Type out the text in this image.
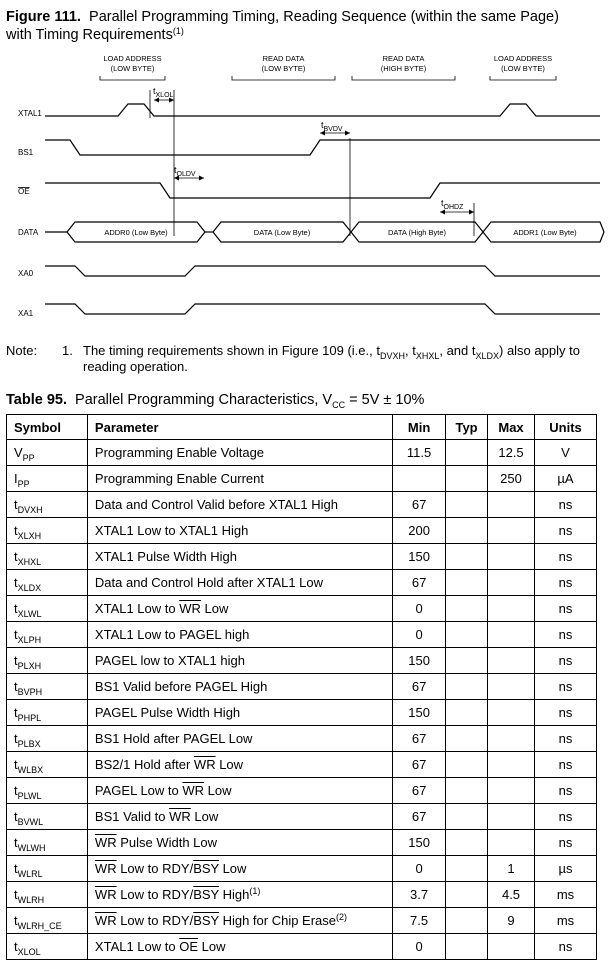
Figure 111. Parallel Programming Timing, Reading Sequence (within the same Page)
with Timing Requirements$^{(1)}$
LOAD ADDRESS
(LOW BYTE)
READ DATA
(LOW BYTE)
READ DATA
(HIGH BYTE)
LOAD ADDRESS
(LOW BYTE)
XTAL1
BS1
OE
DATA
XA0
XA1
ADDR0 (Low Byte)	DATA (Low Byte)	DATA (High Byte)	ADDR1 (Low Byte)
$t_{XLOL}$
$t_{BVDV}$
$t_{OLDV}$
$t_{OHDZ}$
Note: 1. The timing requirements shown in Figure 109 (i.e., $t_{DVXH}$, $t_{XHXL}$, and $t_{XLDX}$) also apply to reading operation.
Table 95. Parallel Programming Characteristics, $V_{CC} = 5V \pm 10\%$
Symbol	Parameter	Min	Typ	Max	Units
$V_{PP}$	Programming Enable Voltage	11.5		12.5	V
$I_{PP}$	Programming Enable Current			250	µA
$t_{DVXH}$	Data and Control Valid before XTAL1 High	67			ns
$t_{XLXH}$	XTAL1 Low to XTAL1 High	200			ns
$t_{XHXL}$	XTAL1 Pulse Width High	150			ns
$t_{XLDX}$	Data and Control Hold after XTAL1 Low	67			ns
$t_{XLWL}$	XTAL1 Low to $\overline{WR}$ Low	0			ns
$t_{XLPH}$	XTAL1 Low to PAGEL high	0			ns
$t_{PLXH}$	PAGEL low to XTAL1 high	150			ns
$t_{BVPH}$	BS1 Valid before PAGEL High	67			ns
$t_{PHPL}$	PAGEL Pulse Width High	150			ns
$t_{PLBX}$	BS1 Hold after PAGEL Low	67			ns
$t_{WLBX}$	BS2/1 Hold after $\overline{WR}$ Low	67			ns
$t_{PLWL}$	PAGEL Low to $\overline{WR}$ Low	67			ns
$t_{BVWL}$	BS1 Valid to $\overline{WR}$ Low	67			ns
$t_{WLWH}$	$\overline{WR}$ Pulse Width Low	150			ns
$t_{WLRL}$	$\overline{WR}$ Low to RDY/$\overline{BSY}$ Low	0		1	µs
$t_{WLRH}$	$\overline{WR}$ Low to RDY/$\overline{BSY}$ High$^{(1)}$	3.7		4.5	ms
$t_{WLRH\_CE}$	$\overline{WR}$ Low to RDY/$\overline{BSY}$ High for Chip Erase$^{(2)}$	7.5		9	ms
$t_{XLOL}$	XTAL1 Low to $\overline{OE}$ Low	0			ns
